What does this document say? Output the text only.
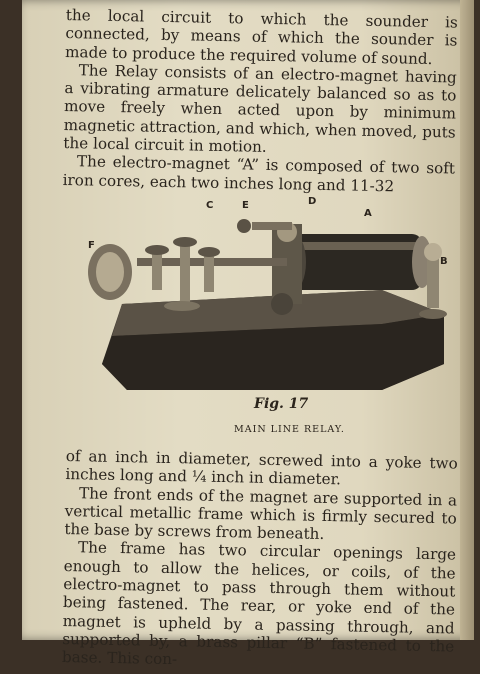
the local circuit to which the sounder is connected, by means of which the sounder is made to produce the required volume of sound.

The Relay consists of an electro-magnet having a vibrating armature delicately balanced so as to move freely when acted upon by minimum magnetic attraction, and which, when moved, puts the local circuit in motion.

The electro-magnet “A” is composed of two soft iron cores, each two inches long and 11-32

C	E	D
A
F
B
Fig. 17
MAIN LINE RELAY.

of an inch in diameter, screwed into a yoke two inches long and ¼ inch in diameter.

The front ends of the magnet are supported in a vertical metallic frame which is firmly secured to the base by screws from beneath.

The frame has two circular openings large enough to allow the helices, or coils, of the electro-magnet to pass through them without being fastened. The rear, or yoke end of the magnet is upheld by a passing through, and supported by, a brass pillar “B” fastened to the base. This con-
